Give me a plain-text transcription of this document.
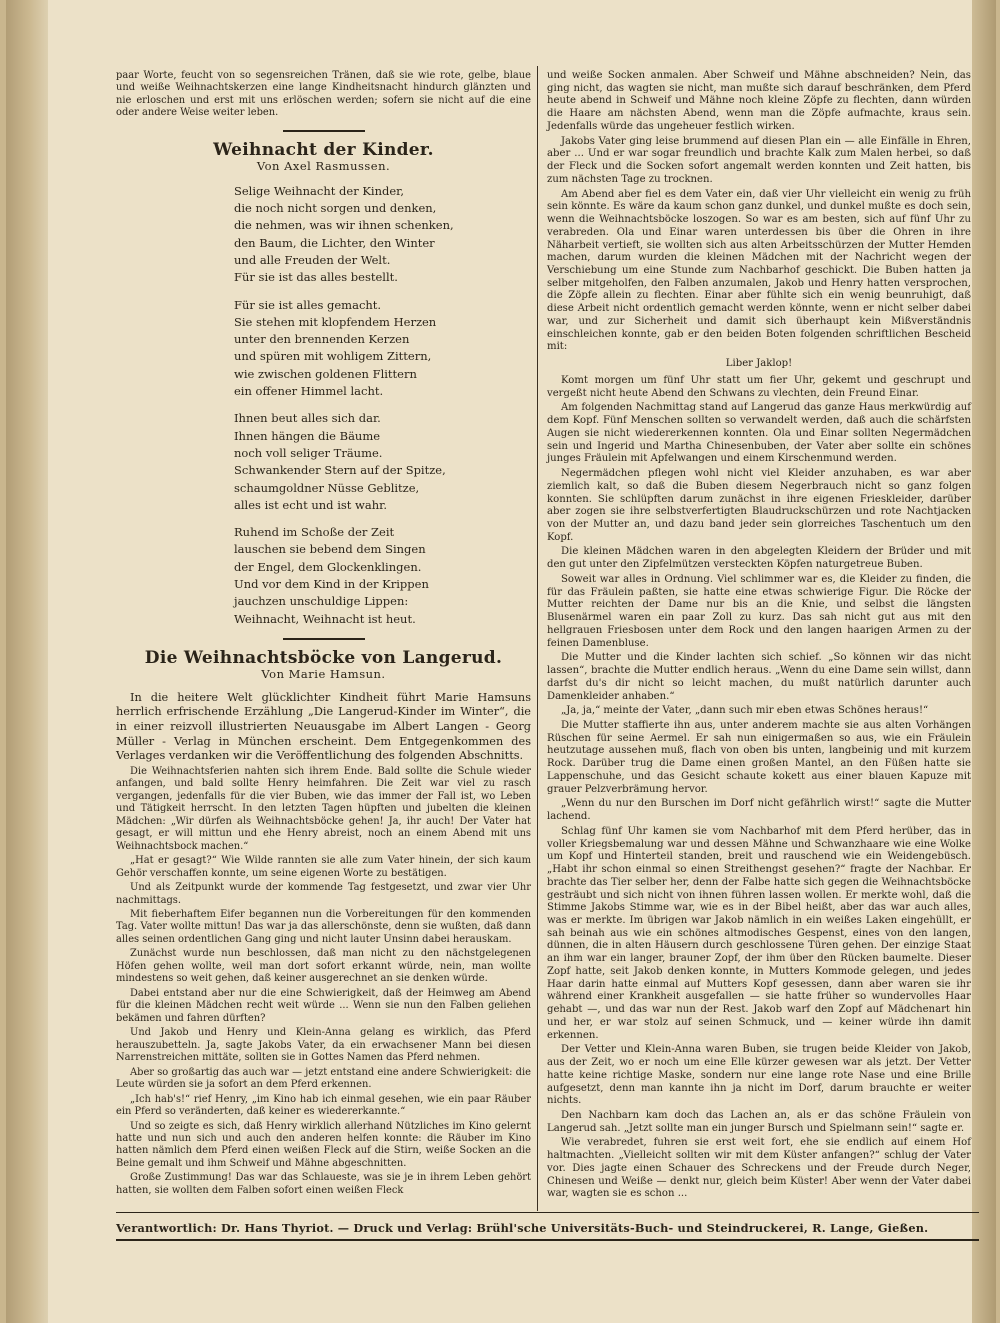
paar Worte, feucht von so segensreichen Tränen, daß sie wie rote, gelbe, blaue und weiße Weihnachtskerzen eine lange Kindheitsnacht hindurch glänzten und nie erloschen und erst mit uns erlöschen werden; sofern sie nicht auf die eine oder andere Weise weiter leben.

Weihnacht der Kinder.
Von Axel Rasmussen.
Selige Weihnacht der Kinder,
die noch nicht sorgen und denken,
die nehmen, was wir ihnen schenken,
den Baum, die Lichter, den Winter
und alle Freuden der Welt.
Für sie ist das alles bestellt.
Für sie ist alles gemacht.
Sie stehen mit klopfendem Herzen
unter den brennenden Kerzen
und spüren mit wohligem Zittern,
wie zwischen goldenen Flittern
ein offener Himmel lacht.
Ihnen beut alles sich dar.
Ihnen hängen die Bäume
noch voll seliger Träume.
Schwankender Stern auf der Spitze,
schaumgoldner Nüsse Geblitze,
alles ist echt und ist wahr.
Ruhend im Schoße der Zeit
lauschen sie bebend dem Singen
der Engel, dem Glockenklingen.
Und vor dem Kind in der Krippen
jauchzen unschuldige Lippen:
Weihnacht, Weihnacht ist heut.
Die Weihnachtsböcke von Langerud.
Von Marie Hamsun.

In die heitere Welt glücklichter Kindheit führt Marie Hamsuns herrlich erfrischende Erzählung „Die Langerud-Kinder im Winter“, die in einer reizvoll illustrierten Neuausgabe im Albert Langen - Georg Müller - Verlag in München erscheint. Dem Entgegenkommen des Verlages verdanken wir die Veröffentlichung des folgenden Abschnitts.

Die Weihnachtsferien nahten sich ihrem Ende. Bald sollte die Schule wieder anfangen, und bald sollte Henry heimfahren. Die Zeit war viel zu rasch vergangen, jedenfalls für die vier Buben, wie das immer der Fall ist, wo Leben und Tätigkeit herrscht. In den letzten Tagen hüpften und jubelten die kleinen Mädchen: „Wir dürfen als Weihnachtsböcke gehen! Ja, ihr auch! Der Vater hat gesagt, er will mittun und ehe Henry abreist, noch an einem Abend mit uns Weihnachtsbock machen.“

„Hat er gesagt?“ Wie Wilde rannten sie alle zum Vater hinein, der sich kaum Gehör verschaffen konnte, um seine eigenen Worte zu bestätigen.

Und als Zeitpunkt wurde der kommende Tag festgesetzt, und zwar vier Uhr nachmittags.

Mit fieberhaftem Eifer begannen nun die Vorbereitungen für den kommenden Tag. Vater wollte mittun! Das war ja das allerschönste, denn sie wußten, daß dann alles seinen ordentlichen Gang ging und nicht lauter Unsinn dabei herauskam.

Zunächst wurde nun beschlossen, daß man nicht zu den nächstgelegenen Höfen gehen wollte, weil man dort sofort erkannt würde, nein, man wollte mindestens so weit gehen, daß keiner ausgerechnet an sie denken würde.

Dabei entstand aber nur die eine Schwierigkeit, daß der Heimweg am Abend für die kleinen Mädchen recht weit würde ... Wenn sie nun den Falben geliehen bekämen und fahren dürften?

Und Jakob und Henry und Klein-Anna gelang es wirklich, das Pferd herauszubetteln. Ja, sagte Jakobs Vater, da ein erwachsener Mann bei diesen Narrenstreichen mittäte, sollten sie in Gottes Namen das Pferd nehmen.

Aber so großartig das auch war — jetzt entstand eine andere Schwierigkeit: die Leute würden sie ja sofort an dem Pferd erkennen.

„Ich hab's!“ rief Henry, „im Kino hab ich einmal gesehen, wie ein paar Räuber ein Pferd so veränderten, daß keiner es wiedererkannte.“

Und so zeigte es sich, daß Henry wirklich allerhand Nützliches im Kino gelernt hatte und nun sich und auch den anderen helfen konnte: die Räuber im Kino hatten nämlich dem Pferd einen weißen Fleck auf die Stirn, weiße Socken an die Beine gemalt und ihm Schweif und Mähne abgeschnitten.

Große Zustimmung! Das war das Schlaueste, was sie je in ihrem Leben gehört hatten, sie wollten dem Falben sofort einen weißen Fleck

und weiße Socken anmalen. Aber Schweif und Mähne abschneiden? Nein, das ging nicht, das wagten sie nicht, man mußte sich darauf beschränken, dem Pferd heute abend in Schweif und Mähne noch kleine Zöpfe zu flechten, dann würden die Haare am nächsten Abend, wenn man die Zöpfe aufmachte, kraus sein. Jedenfalls würde das ungeheuer festlich wirken.

Jakobs Vater ging leise brummend auf diesen Plan ein — alle Einfälle in Ehren, aber ... Und er war sogar freundlich und brachte Kalk zum Malen herbei, so daß der Fleck und die Socken sofort angemalt werden konnten und Zeit hatten, bis zum nächsten Tage zu trocknen.

Am Abend aber fiel es dem Vater ein, daß vier Uhr vielleicht ein wenig zu früh sein könnte. Es wäre da kaum schon ganz dunkel, und dunkel mußte es doch sein, wenn die Weihnachtsböcke loszogen. So war es am besten, sich auf fünf Uhr zu verabreden. Ola und Einar waren unterdessen bis über die Ohren in ihre Näharbeit vertieft, sie wollten sich aus alten Arbeitsschürzen der Mutter Hemden machen, darum wurden die kleinen Mädchen mit der Nachricht wegen der Verschiebung um eine Stunde zum Nachbarhof geschickt. Die Buben hatten ja selber mitgeholfen, den Falben anzumalen, Jakob und Henry hatten versprochen, die Zöpfe allein zu flechten. Einar aber fühlte sich ein wenig beunruhigt, daß diese Arbeit nicht ordentlich gemacht werden könnte, wenn er nicht selber dabei war, und zur Sicherheit und damit sich überhaupt kein Mißverständnis einschleichen konnte, gab er den beiden Boten folgenden schriftlichen Bescheid mit:

Liber Jaklop!

Komt morgen um fünf Uhr statt um fier Uhr, gekemt und geschrupt und vergeßt nicht heute Abend den Schwans zu vlechten, dein Freund Einar.

Am folgenden Nachmittag stand auf Langerud das ganze Haus merkwürdig auf dem Kopf. Fünf Menschen sollten so verwandelt werden, daß auch die schärfsten Augen sie nicht wiedererkennen konnten. Ola und Einar sollten Negermädchen sein und Ingerid und Martha Chinesenbuben, der Vater aber sollte ein schönes junges Fräulein mit Apfelwangen und einem Kirschenmund werden.

Negermädchen pflegen wohl nicht viel Kleider anzuhaben, es war aber ziemlich kalt, so daß die Buben diesem Negerbrauch nicht so ganz folgen konnten. Sie schlüpften darum zunächst in ihre eigenen Frieskleider, darüber aber zogen sie ihre selbstverfertigten Blaudruckschürzen und rote Nachtjacken von der Mutter an, und dazu band jeder sein glorreiches Taschentuch um den Kopf.

Die kleinen Mädchen waren in den abgelegten Kleidern der Brüder und mit den gut unter den Zipfelmützen versteckten Köpfen naturgetreue Buben.

Soweit war alles in Ordnung. Viel schlimmer war es, die Kleider zu finden, die für das Fräulein paßten, sie hatte eine etwas schwierige Figur. Die Röcke der Mutter reichten der Dame nur bis an die Knie, und selbst die längsten Blusenärmel waren ein paar Zoll zu kurz. Das sah nicht gut aus mit den hellgrauen Friesbosen unter dem Rock und den langen haarigen Armen zu der feinen Damenbluse.

Die Mutter und die Kinder lachten sich schief. „So können wir das nicht lassen“, brachte die Mutter endlich heraus. „Wenn du eine Dame sein willst, dann darfst du's dir nicht so leicht machen, du mußt natürlich darunter auch Damenkleider anhaben.“

„Ja, ja,“ meinte der Vater, „dann such mir eben etwas Schönes heraus!“

Die Mutter staffierte ihn aus, unter anderem machte sie aus alten Vorhängen Rüschen für seine Aermel. Er sah nun einigermaßen so aus, wie ein Fräulein heutzutage aussehen muß, flach von oben bis unten, langbeinig und mit kurzem Rock. Darüber trug die Dame einen großen Mantel, an den Füßen hatte sie Lappenschuhe, und das Gesicht schaute kokett aus einer blauen Kapuze mit grauer Pelzverbrämung hervor.

„Wenn du nur den Burschen im Dorf nicht gefährlich wirst!“ sagte die Mutter lachend.

Schlag fünf Uhr kamen sie vom Nachbarhof mit dem Pferd herüber, das in voller Kriegsbemalung war und dessen Mähne und Schwanzhaare wie eine Wolke um Kopf und Hinterteil standen, breit und rauschend wie ein Weidengebüsch. „Habt ihr schon einmal so einen Streithengst gesehen?“ fragte der Nachbar. Er brachte das Tier selber her, denn der Falbe hatte sich gegen die Weihnachtsböcke gesträubt und sich nicht von ihnen führen lassen wollen. Er merkte wohl, daß die Stimme Jakobs Stimme war, wie es in der Bibel heißt, aber das war auch alles, was er merkte. Im übrigen war Jakob nämlich in ein weißes Laken eingehüllt, er sah beinah aus wie ein schönes altmodisches Gespenst, eines von den langen, dünnen, die in alten Häusern durch geschlossene Türen gehen. Der einzige Staat an ihm war ein langer, brauner Zopf, der ihm über den Rücken baumelte. Dieser Zopf hatte, seit Jakob denken konnte, in Mutters Kommode gelegen, und jedes Haar darin hatte einmal auf Mutters Kopf gesessen, dann aber waren sie ihr während einer Krankheit ausgefallen — sie hatte früher so wundervolles Haar gehabt —, und das war nun der Rest. Jakob warf den Zopf auf Mädchenart hin und her, er war stolz auf seinen Schmuck, und — keiner würde ihn damit erkennen.

Der Vetter und Klein-Anna waren Buben, sie trugen beide Kleider von Jakob, aus der Zeit, wo er noch um eine Elle kürzer gewesen war als jetzt. Der Vetter hatte keine richtige Maske, sondern nur eine lange rote Nase und eine Brille aufgesetzt, denn man kannte ihn ja nicht im Dorf, darum brauchte er weiter nichts.

Den Nachbarn kam doch das Lachen an, als er das schöne Fräulein von Langerud sah. „Jetzt sollte man ein junger Bursch und Spielmann sein!“ sagte er.

Wie verabredet, fuhren sie erst weit fort, ehe sie endlich auf einem Hof haltmachten. „Vielleicht sollten wir mit dem Küster anfangen?“ schlug der Vater vor. Dies jagte einen Schauer des Schreckens und der Freude durch Neger, Chinesen und Weiße — denkt nur, gleich beim Küster! Aber wenn der Vater dabei war, wagten sie es schon ...

Verantwortlich: Dr. Hans Thyriot. — Druck und Verlag: Brühl'sche Universitäts-Buch- und Steindruckerei, R. Lange, Gießen.
